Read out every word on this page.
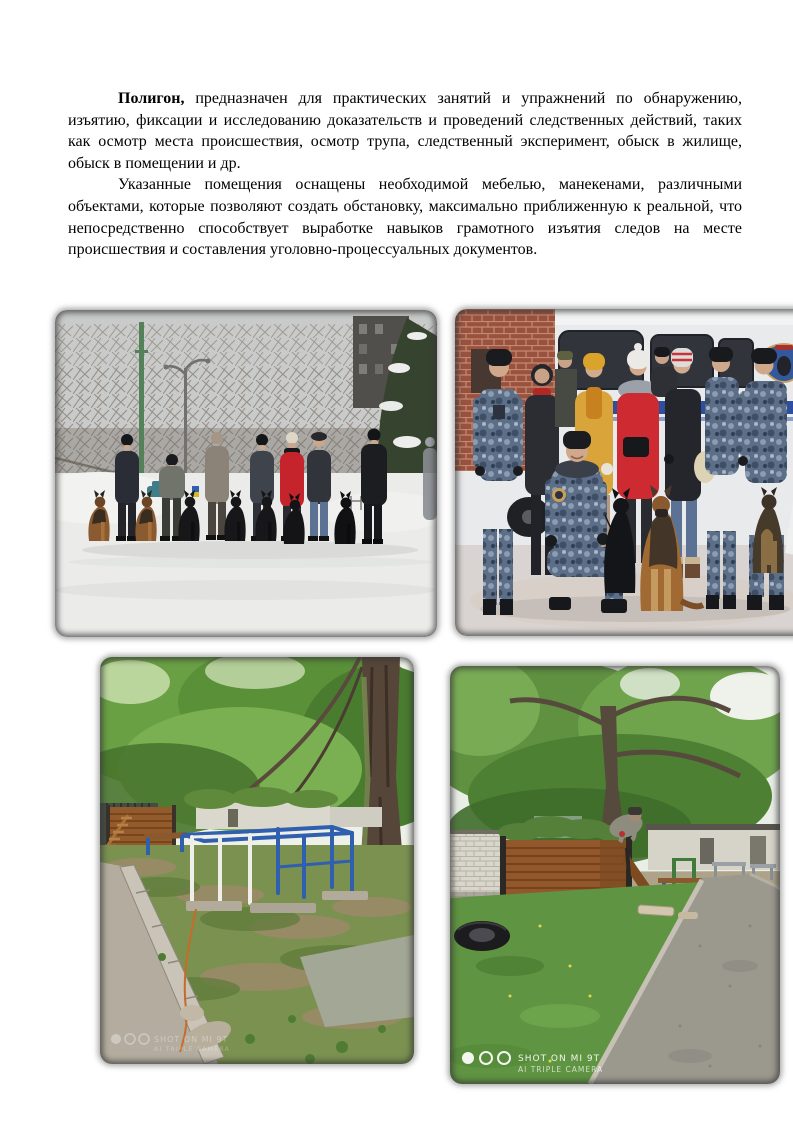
Полигон, предназначен для практических занятий и упражнений по обнаружению, изъятию, фиксации и исследованию доказательств и проведений следственных действий, таких как осмотр места происшествия, осмотр трупа, следственный эксперимент, обыск в жилище, обыск в помещении и др.

Указанные помещения оснащены необходимой мебелью, манекенами, различными объектами, которые позволяют создать обстановку, максимально приближенную к реальной, что непосредственно способствует выработке навыков грамотного изъятия следов на месте происшествия и составления уголовно-процессуальных документов.

SHOT ON MI 9T
AI TRIPLE CAMERA
SHOT ON MI 9T
AI TRIPLE CAMERA
